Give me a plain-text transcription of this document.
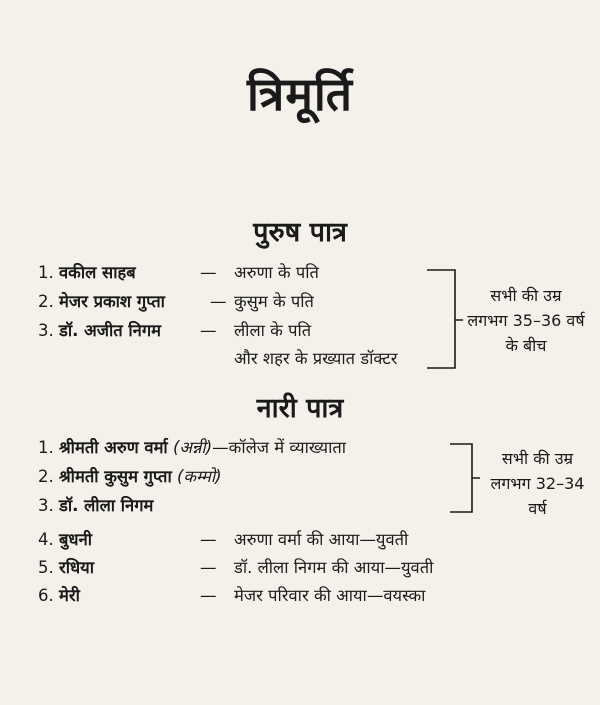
त्रिमूर्ति
पुरुष पात्र
1. वकील साहब	— अरुणा के पति
2. मेजर प्रकाश गुप्ता	— कुसुम के पति
3. डॉ. अजीत निगम — लीला के पति
और शहर के प्रख्यात डॉक्टर
सभी की उम्र
लगभग 35–36 वर्ष
के बीच
नारी पात्र
1. श्रीमती अरुण वर्मा (अन्नी)—कॉलेज में व्याख्याता
2. श्रीमती कुसुम गुप्ता (कम्मो)
3. डॉ. लीला निगम
सभी की उम्र
लगभग 32–34
वर्ष
4. बुधनी	— अरुणा वर्मा की आया—युवती
5. रधिया	— डॉ. लीला निगम की आया—युवती
6. मेरी	— मेजर परिवार की आया—वयस्का
